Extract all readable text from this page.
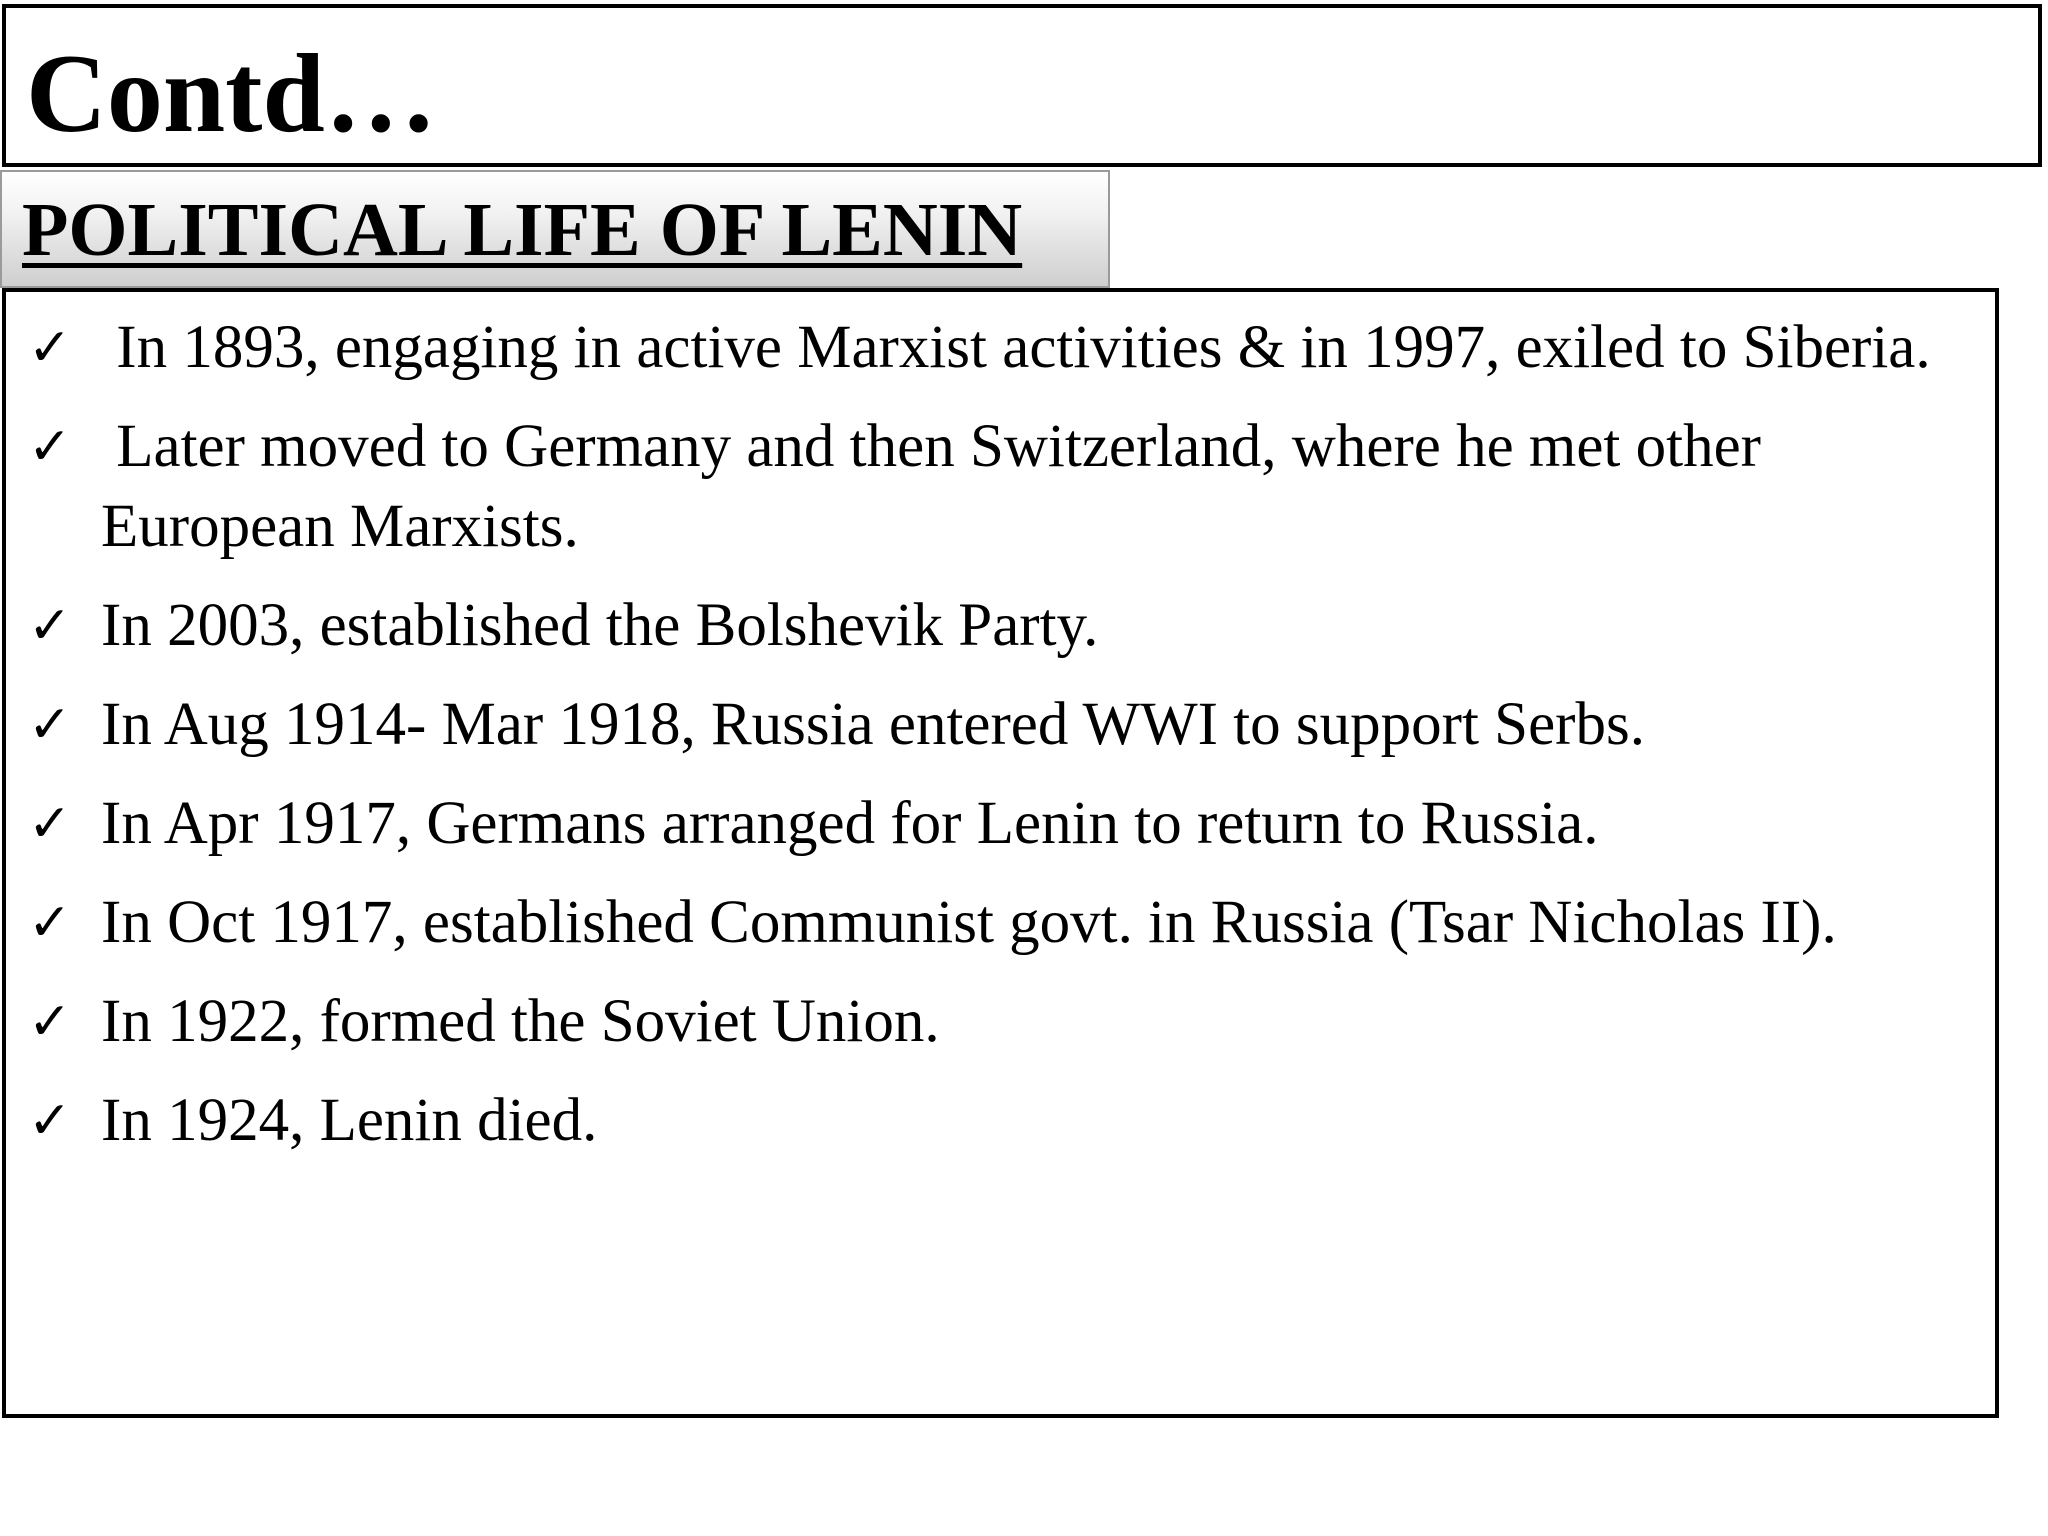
Contd…
POLITICAL LIFE OF LENIN
✓ In 1893, engaging in active Marxist activities & in 1997, exiled to Siberia.
✓ Later moved to Germany and then Switzerland, where he met other European Marxists.
✓ In 2003, established the Bolshevik Party.
✓ In Aug 1914- Mar 1918, Russia entered WWI to support Serbs.
✓ In Apr 1917, Germans arranged for Lenin to return to Russia.
✓ In Oct 1917, established Communist govt. in Russia (Tsar Nicholas II).
✓ In 1922, formed the Soviet Union.
✓ In 1924, Lenin died.
